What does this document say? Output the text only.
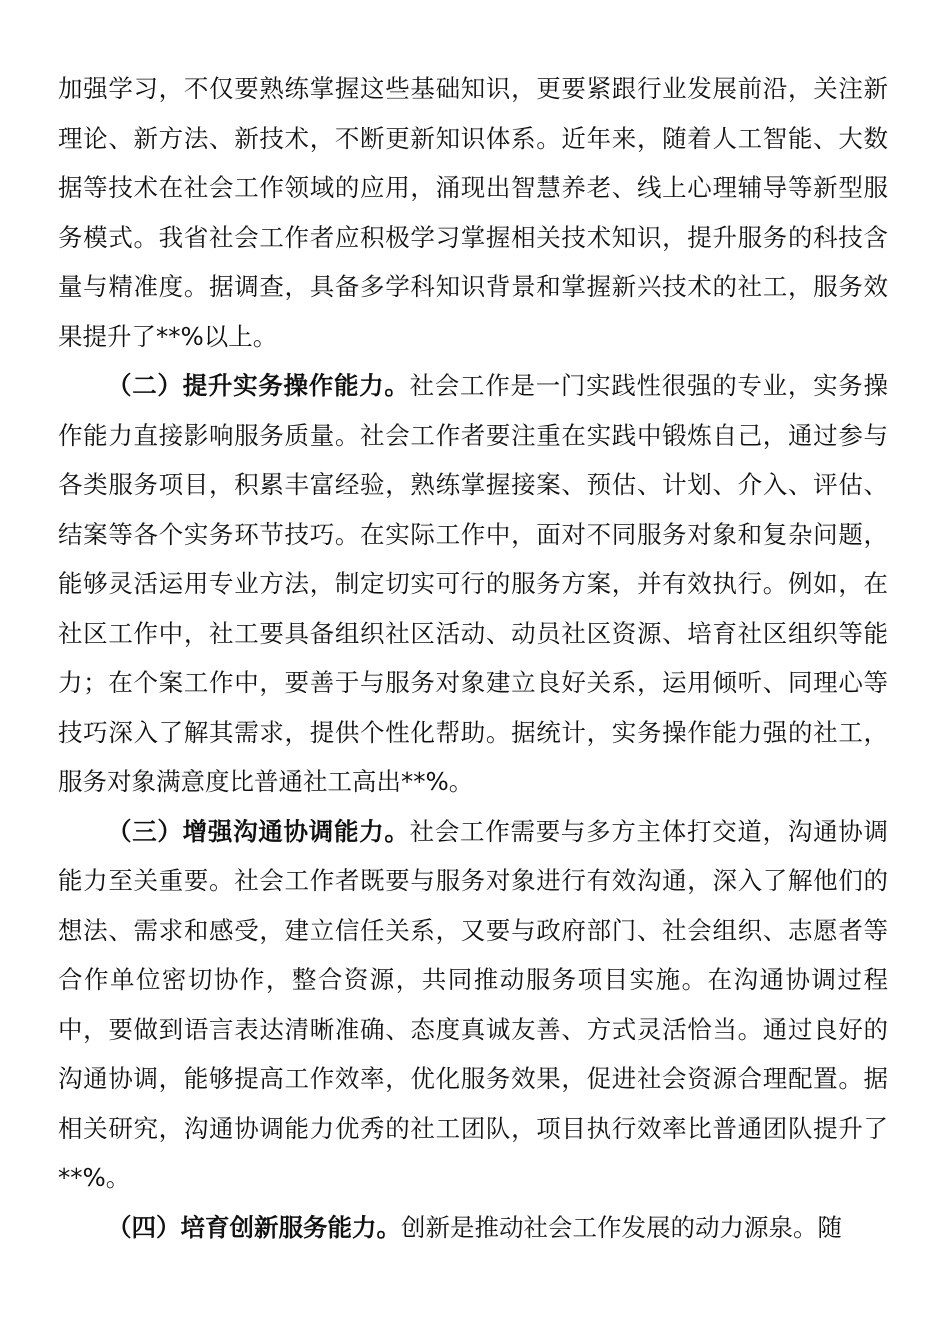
加强学习，不仅要熟练掌握这些基础知识，更要紧跟行业发展前沿，关注新理论、新方法、新技术，不断更新知识体系。近年来，随着人工智能、大数据等技术在社会工作领域的应用，涌现出智慧养老、线上心理辅导等新型服务模式。我省社会工作者应积极学习掌握相关技术知识，提升服务的科技含量与精准度。据调查，具备多学科知识背景和掌握新兴技术的社工，服务效果提升了**%以上。

（二）提升实务操作能力。社会工作是一门实践性很强的专业，实务操作能力直接影响服务质量。社会工作者要注重在实践中锻炼自己，通过参与各类服务项目，积累丰富经验，熟练掌握接案、预估、计划、介入、评估、结案等各个实务环节技巧。在实际工作中，面对不同服务对象和复杂问题，能够灵活运用专业方法，制定切实可行的服务方案，并有效执行。例如，在社区工作中，社工要具备组织社区活动、动员社区资源、培育社区组织等能力；在个案工作中，要善于与服务对象建立良好关系，运用倾听、同理心等技巧深入了解其需求，提供个性化帮助。据统计，实务操作能力强的社工，服务对象满意度比普通社工高出**%。

（三）增强沟通协调能力。社会工作需要与多方主体打交道，沟通协调能力至关重要。社会工作者既要与服务对象进行有效沟通，深入了解他们的想法、需求和感受，建立信任关系，又要与政府部门、社会组织、志愿者等合作单位密切协作，整合资源，共同推动服务项目实施。在沟通协调过程中，要做到语言表达清晰准确、态度真诚友善、方式灵活恰当。通过良好的沟通协调，能够提高工作效率，优化服务效果，促进社会资源合理配置。据相关研究，沟通协调能力优秀的社工团队，项目执行效率比普通团队提升了**%。

（四）培育创新服务能力。创新是推动社会工作发展的动力源泉。随
